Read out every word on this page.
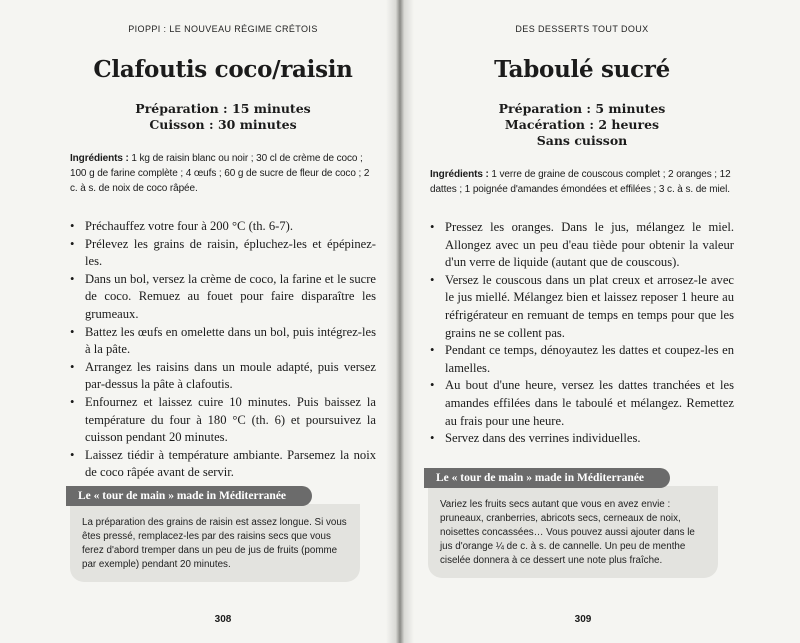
PIOPPI : LE NOUVEAU RÉGIME CRÉTOIS
Clafoutis coco/raisin
Préparation : 15 minutes
Cuisson : 30 minutes
Ingrédients : 1 kg de raisin blanc ou noir ; 30 cl de crème de coco ; 100 g de farine complète ; 4 œufs ; 60 g de sucre de fleur de coco ; 2 c. à s. de noix de coco râpée.
• Préchauffez votre four à 200 °C (th. 6-7).
• Prélevez les grains de raisin, épluchez-les et épépinez-les.
• Dans un bol, versez la crème de coco, la farine et le sucre de coco. Remuez au fouet pour faire disparaître les grumeaux.
• Battez les œufs en omelette dans un bol, puis intégrez-les à la pâte.
• Arrangez les raisins dans un moule adapté, puis versez par-dessus la pâte à clafoutis.
• Enfournez et laissez cuire 10 minutes. Puis baissez la température du four à 180 °C (th. 6) et poursuivez la cuisson pendant 20 minutes.
• Laissez tiédir à température ambiante. Parsemez la noix de coco râpée avant de servir.
308
DES DESSERTS TOUT DOUX
Taboulé sucré
Préparation : 5 minutes
Macération : 2 heures
Sans cuisson
Ingrédients : 1 verre de graine de couscous complet ; 2 oranges ; 12 dattes ; 1 poignée d'amandes émondées et effilées ; 3 c. à s. de miel.
• Pressez les oranges. Dans le jus, mélangez le miel. Allongez avec un peu d'eau tiède pour obtenir la valeur d'un verre de liquide (autant que de couscous).
• Versez le couscous dans un plat creux et arrosez-le avec le jus miellé. Mélangez bien et laissez reposer 1 heure au réfrigérateur en remuant de temps en temps pour que les grains ne se collent pas.
• Pendant ce temps, dénoyautez les dattes et coupez-les en lamelles.
• Au bout d'une heure, versez les dattes tranchées et les amandes effilées dans le taboulé et mélangez. Remettez au frais pour une heure.
• Servez dans des verrines individuelles.
309
Le « tour de main » made in Méditerranée
La préparation des grains de raisin est assez longue. Si vous êtes pressé, remplacez-les par des raisins secs que vous ferez d'abord tremper dans un peu de jus de fruits (pomme par exemple) pendant 20 minutes.
Le « tour de main » made in Méditerranée
Variez les fruits secs autant que vous en avez envie : pruneaux, cranberries, abricots secs, cerneaux de noix, noisettes concassées… Vous pouvez aussi ajouter dans le jus d'orange ¼ de c. à s. de cannelle. Un peu de menthe ciselée donnera à ce dessert une note plus fraîche.
